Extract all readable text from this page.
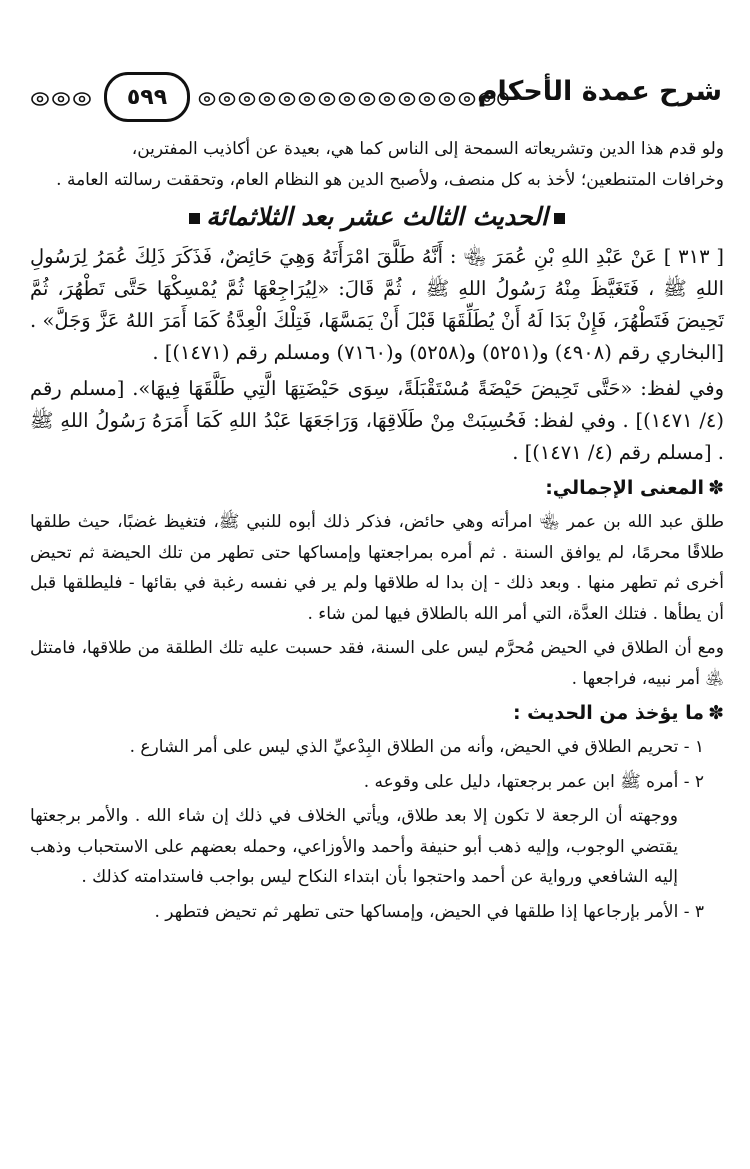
٥٩٩	شرح عمدة الأحكام

ولو قدم هذا الدين وتشريعاته السمحة إلى الناس كما هي، بعيدة عن أكاذيب المفترين،
وخرافات المتنطعين؛ لأخذ به كل منصف، ولأصبح الدين هو النظام العام، وتحققت رسالته العامة .

الحديث الثالث عشر بعد الثلاثمائة

[ ٣١٣ ] عَنْ عَبْدِ اللهِ بْنِ عُمَرَ ﵄ : أَنَّهُ طَلَّقَ امْرَأَتَهُ وَهِيَ حَائِضٌ، فَذَكَرَ ذَلِكَ عُمَرُ لِرَسُولِ اللهِ ﷺ ، فَتَغَيَّظَ مِنْهُ رَسُولُ اللهِ ﷺ ، ثُمَّ قَالَ: «لِيُرَاجِعْهَا ثُمَّ يُمْسِكْهَا حَتَّى تَطْهُرَ، ثُمَّ تَحِيضَ فَتَطْهُرَ، فَإِنْ بَدَا لَهُ أَنْ يُطَلِّقَهَا قَبْلَ أَنْ يَمَسَّهَا، فَتِلْكَ الْعِدَّةُ كَمَا أَمَرَ اللهُ عَزَّ وَجَلَّ» . [البخاري رقم (٤٩٠٨) و(٥٢٥١) و(٥٢٥٨) و(٧١٦٠) ومسلم رقم (١٤٧١)] .

وفي لفظ: «حَتَّى تَحِيضَ حَيْضَةً مُسْتَقْبَلَةً، سِوَى حَيْضَتِهَا الَّتِي طَلَّقَهَا فِيهَا». [مسلم رقم (٤/ ١٤٧١)] . وفي لفظ: فَحُسِبَتْ مِنْ طَلَاقِهَا، وَرَاجَعَهَا عَبْدُ اللهِ كَمَا أَمَرَهُ رَسُولُ اللهِ ﷺ . [مسلم رقم (٤/ ١٤٧١)] .

✽المعنى الإجمالي:

طلق عبد الله بن عمر ﵄ امرأته وهي حائض، فذكر ذلك أبوه للنبي ﷺ، فتغيظ غضبًا، حيث طلقها طلاقًا محرمًا، لم يوافق السنة . ثم أمره بمراجعتها وإمساكها حتى تطهر من تلك الحيضة ثم تحيض أخرى ثم تطهر منها . وبعد ذلك - إن بدا له طلاقها ولم ير في نفسه رغبة في بقائها - فليطلقها قبل أن يطأها . فتلك العدَّة، التي أمر الله بالطلاق فيها لمن شاء .

ومع أن الطلاق في الحيض مُحرَّم ليس على السنة، فقد حسبت عليه تلك الطلقة من طلاقها، فامتثل ﵁ أمر نبيه، فراجعها .

✽ما يؤخذ من الحديث :

١ - تحريم الطلاق في الحيض، وأنه من الطلاق البِدْعيِّ الذي ليس على أمر الشارع .

٢ - أمره ﷺ ابن عمر برجعتها، دليل على وقوعه .

ووجهته أن الرجعة لا تكون إلا بعد طلاق، ويأتي الخلاف في ذلك إن شاء الله . والأمر برجعتها يقتضي الوجوب، وإليه ذهب أبو حنيفة وأحمد والأوزاعي، وحمله بعضهم على الاستحباب وذهب إليه الشافعي ورواية عن أحمد واحتجوا بأن ابتداء النكاح ليس بواجب فاستدامته كذلك .

٣ - الأمر بإرجاعها إذا طلقها في الحيض، وإمساكها حتى تطهر ثم تحيض فتطهر .
